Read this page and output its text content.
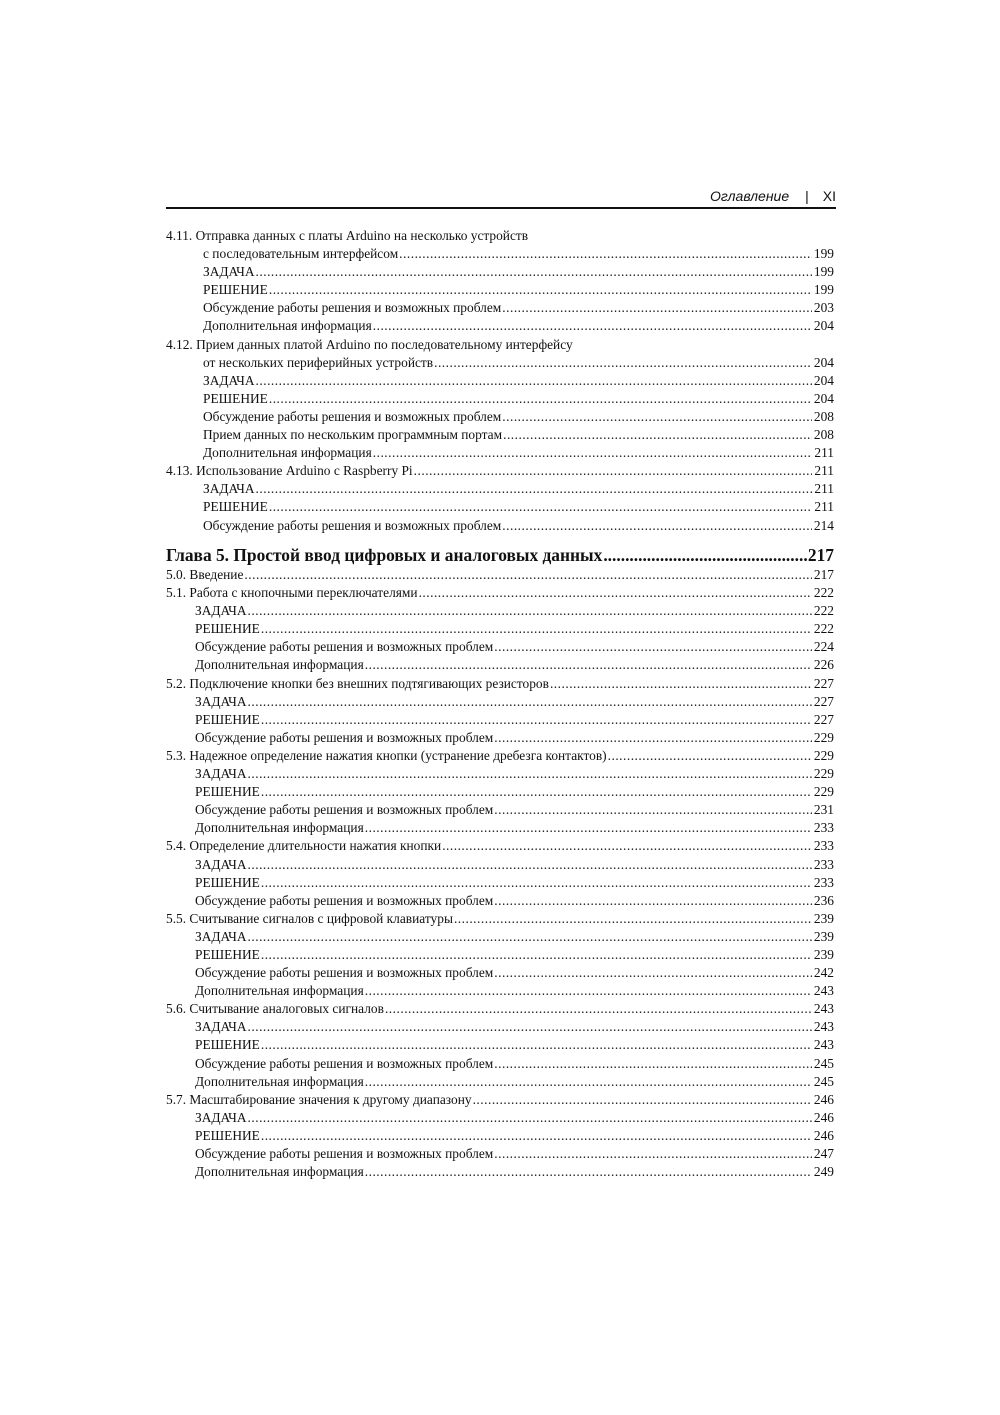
Оглавление | XI
4.11. Отправка данных с платы Arduino на несколько устройств
с последовательным интерфейсом .....	199
ЗАДАЧА .....	199
РЕШЕНИЕ .....	199
Обсуждение работы решения и возможных проблем .....	203
Дополнительная информация .....	204
4.12. Прием данных платой Arduino по последовательному интерфейсу
от нескольких периферийных устройств .....	204
ЗАДАЧА .....	204
РЕШЕНИЕ .....	204
Обсуждение работы решения и возможных проблем .....	208
Прием данных по нескольким программным портам .....	208
Дополнительная информация .....	211
4.13. Использование Arduino с Raspberry Pi .....	211
ЗАДАЧА .....	211
РЕШЕНИЕ .....	211
Обсуждение работы решения и возможных проблем .....	214
Глава 5. Простой ввод цифровых и аналоговых данных .....	217
5.0. Введение .....	217
5.1. Работа с кнопочными переключателями .....	222
ЗАДАЧА .....	222
РЕШЕНИЕ .....	222
Обсуждение работы решения и возможных проблем .....	224
Дополнительная информация .....	226
5.2. Подключение кнопки без внешних подтягивающих резисторов .....	227
ЗАДАЧА .....	227
РЕШЕНИЕ .....	227
Обсуждение работы решения и возможных проблем .....	229
5.3. Надежное определение нажатия кнопки (устранение дребезга контактов) .....	229
ЗАДАЧА .....	229
РЕШЕНИЕ .....	229
Обсуждение работы решения и возможных проблем .....	231
Дополнительная информация .....	233
5.4. Определение длительности нажатия кнопки .....	233
ЗАДАЧА .....	233
РЕШЕНИЕ .....	233
Обсуждение работы решения и возможных проблем .....	236
5.5. Считывание сигналов с цифровой клавиатуры .....	239
ЗАДАЧА .....	239
РЕШЕНИЕ .....	239
Обсуждение работы решения и возможных проблем .....	242
Дополнительная информация .....	243
5.6. Считывание аналоговых сигналов .....	243
ЗАДАЧА .....	243
РЕШЕНИЕ .....	243
Обсуждение работы решения и возможных проблем .....	245
Дополнительная информация .....	245
5.7. Масштабирование значения к другому диапазону .....	246
ЗАДАЧА .....	246
РЕШЕНИЕ .....	246
Обсуждение работы решения и возможных проблем .....	247
Дополнительная информация .....	249
